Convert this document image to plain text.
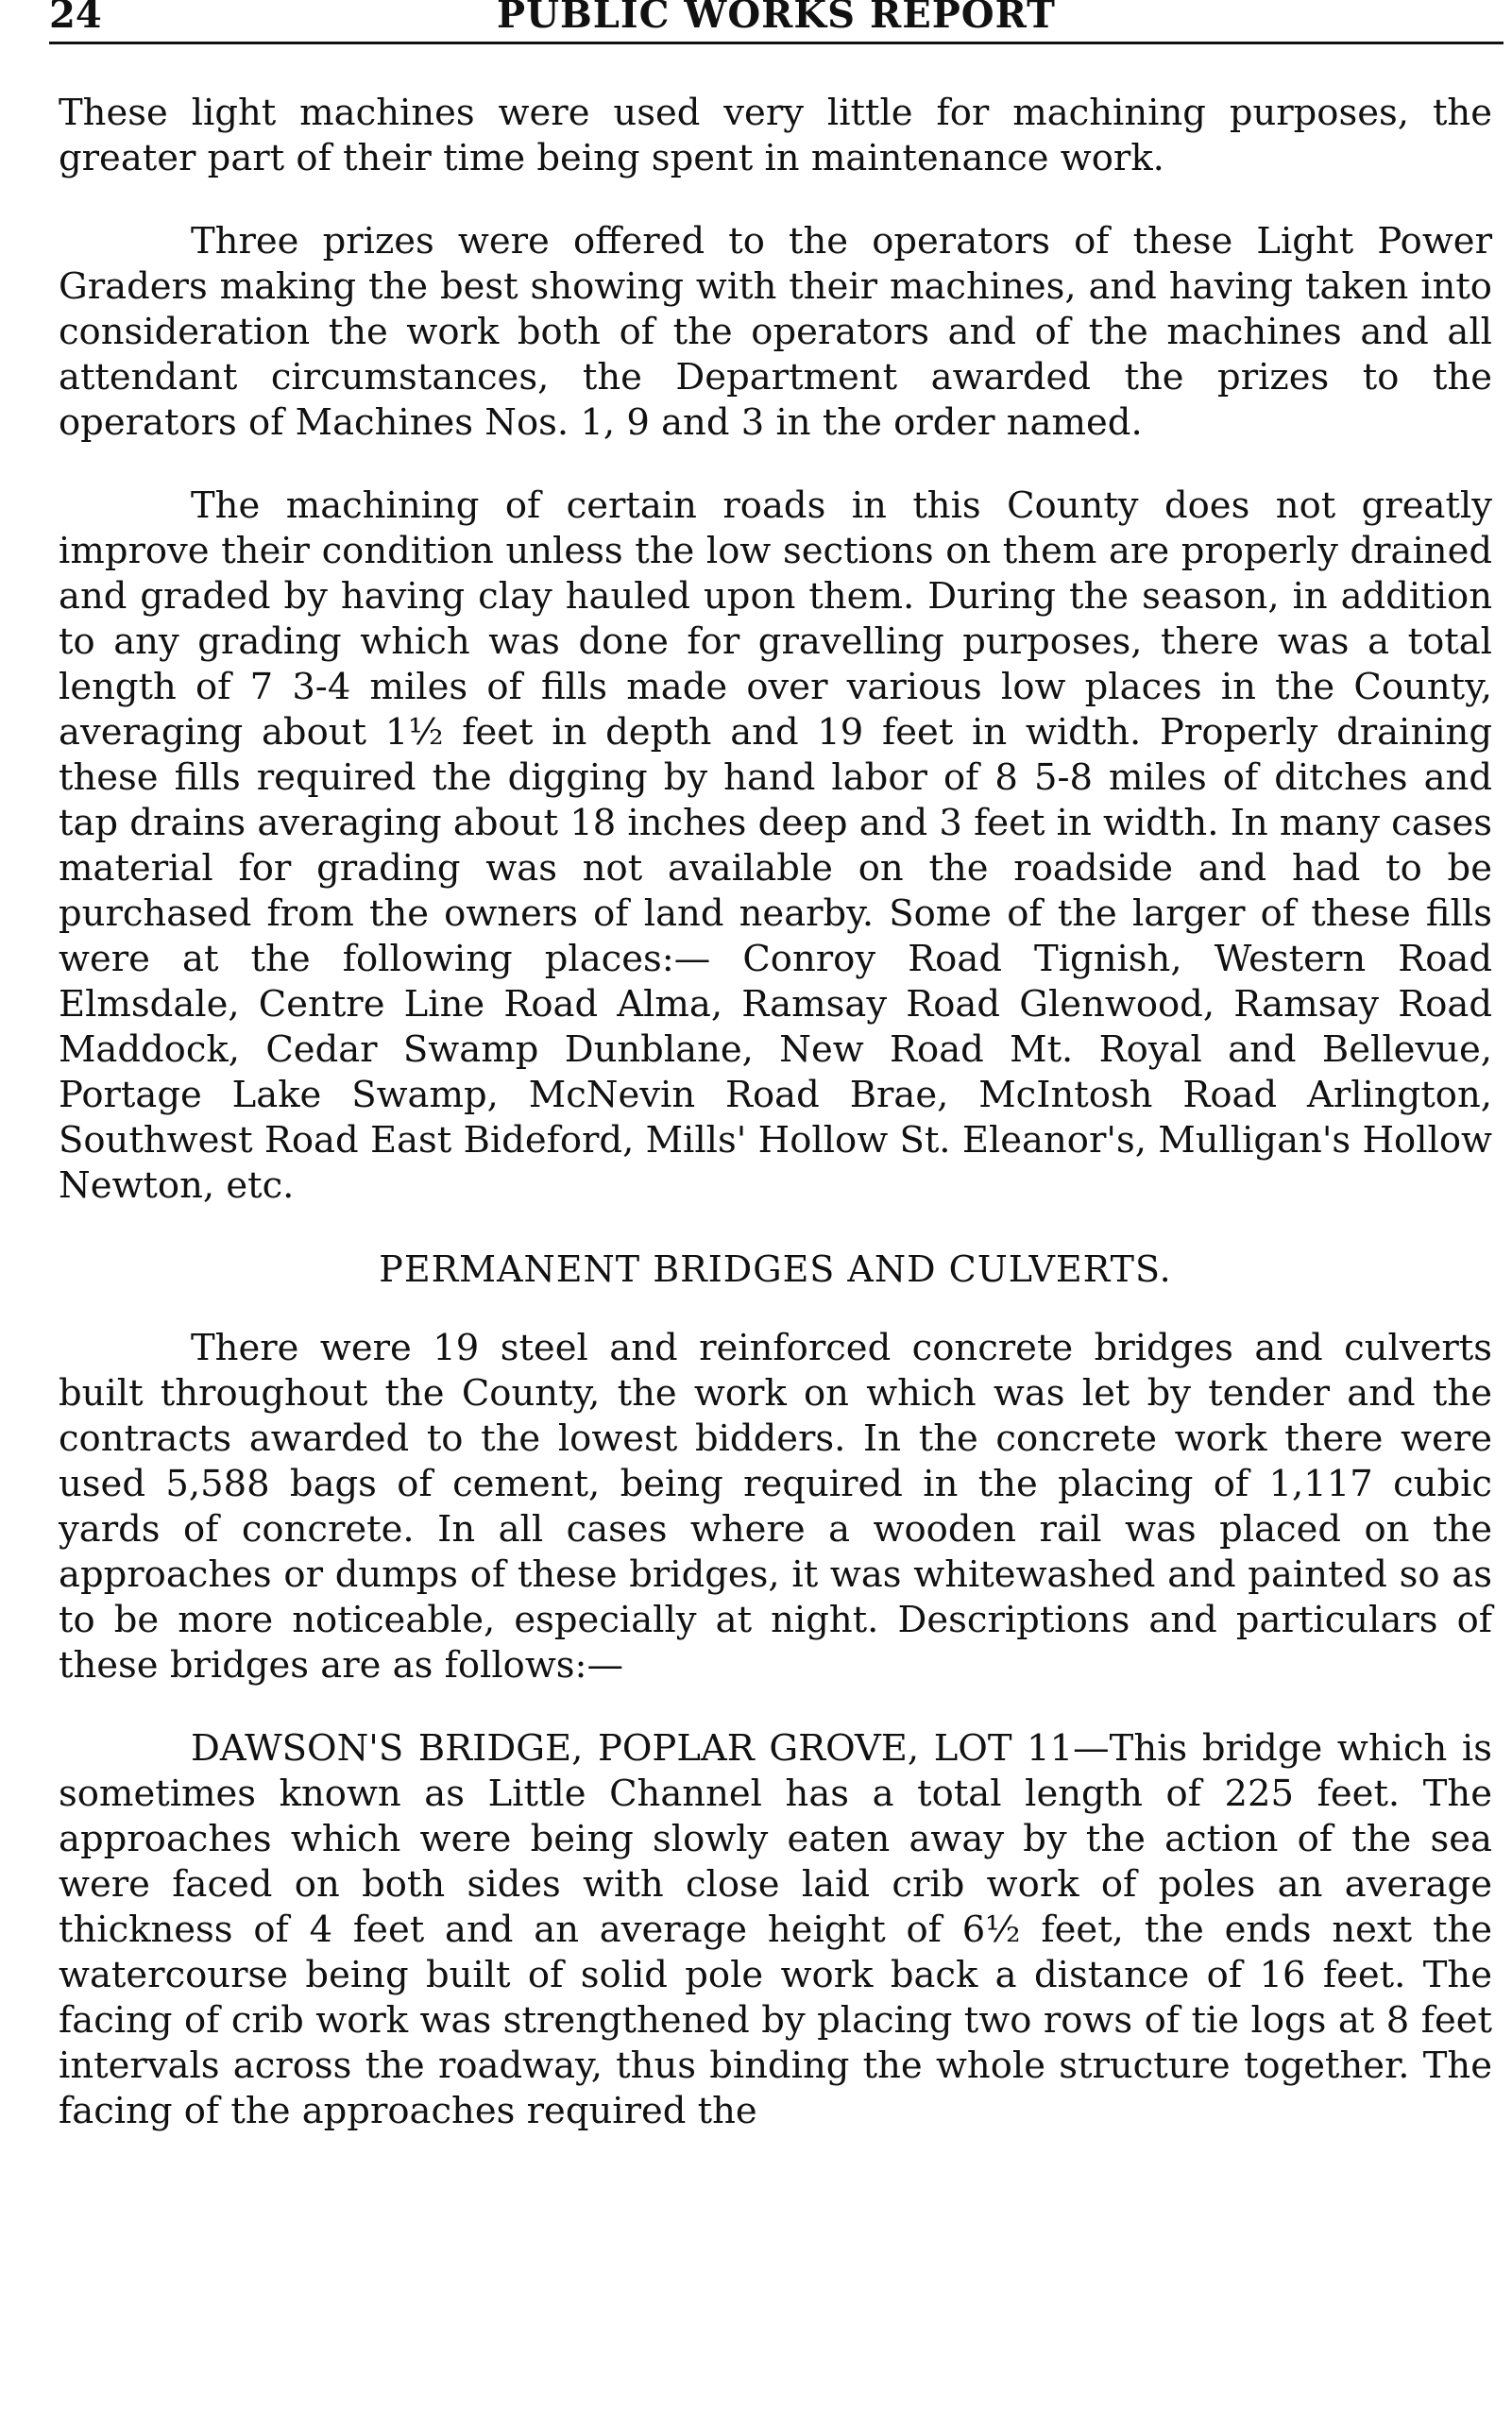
24	PUBLIC WORKS REPORT

These light machines were used very little for machining purposes, the greater part of their time being spent in maintenance work.

Three prizes were offered to the operators of these Light Power Graders making the best showing with their machines, and having taken into consideration the work both of the operators and of the machines and all attendant circumstances, the Department awarded the prizes to the operators of Machines Nos. 1, 9 and 3 in the order named.

The machining of certain roads in this County does not greatly improve their condition unless the low sections on them are properly drained and graded by having clay hauled upon them. During the season, in addition to any grading which was done for gravelling purposes, there was a total length of 7 3-4 miles of fills made over various low places in the County, averaging about 1½ feet in depth and 19 feet in width. Properly draining these fills required the digging by hand labor of 8 5-8 miles of ditches and tap drains averaging about 18 inches deep and 3 feet in width. In many cases material for grading was not available on the roadside and had to be purchased from the owners of land nearby. Some of the larger of these fills were at the following places:— Conroy Road Tignish, Western Road Elmsdale, Centre Line Road Alma, Ramsay Road Glenwood, Ramsay Road Maddock, Cedar Swamp Dunblane, New Road Mt. Royal and Bellevue, Portage Lake Swamp, McNevin Road Brae, McIntosh Road Arlington, Southwest Road East Bideford, Mills' Hollow St. Eleanor's, Mulligan's Hollow Newton, etc.

PERMANENT BRIDGES AND CULVERTS.

There were 19 steel and reinforced concrete bridges and culverts built throughout the County, the work on which was let by tender and the contracts awarded to the lowest bidders. In the concrete work there were used 5,588 bags of cement, being required in the placing of 1,117 cubic yards of concrete. In all cases where a wooden rail was placed on the approaches or dumps of these bridges, it was whitewashed and painted so as to be more noticeable, especially at night. Descriptions and particulars of these bridges are as follows:—

DAWSON'S BRIDGE, POPLAR GROVE, LOT 11—This bridge which is sometimes known as Little Channel has a total length of 225 feet. The approaches which were being slowly eaten away by the action of the sea were faced on both sides with close laid crib work of poles an average thickness of 4 feet and an average height of 6½ feet, the ends next the watercourse being built of solid pole work back a distance of 16 feet. The facing of crib work was strengthened by placing two rows of tie logs at 8 feet intervals across the roadway, thus binding the whole structure together. The facing of the approaches required the
